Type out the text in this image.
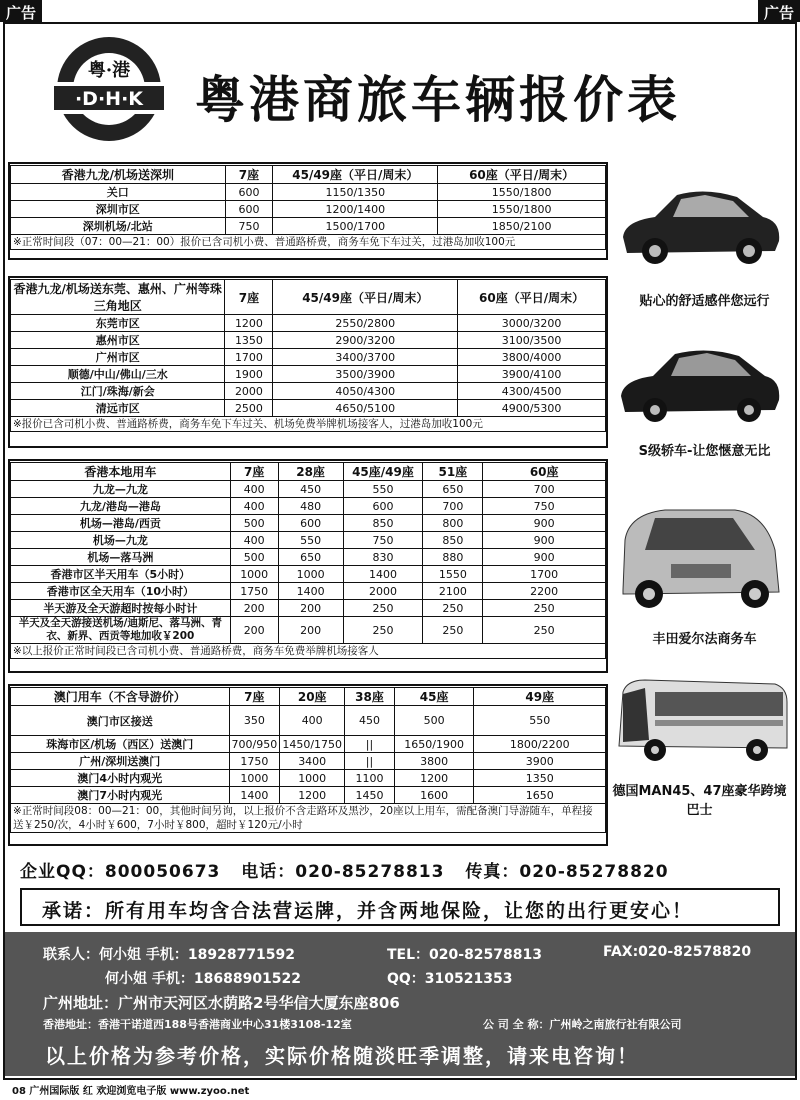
广告	广告
粤·港
·D·H·K 粤港商旅车辆报价表
香港九龙/机场送深圳	7座	45/49座（平日/周末）	60座（平日/周末）
关口	600	1150/1350	1550/1800
深圳市区	600	1200/1400	1550/1800
深圳机场/北站	750	1500/1700	1850/2100
※正常时间段（07：00—21：00）报价已含司机小费、普通路桥费，商务车免下车过关，过港岛加收100元			
香港九龙/机场送东莞、惠州、广州等珠三角地区	7座	45/49座（平日/周末）	60座（平日/周末）
东莞市区	1200	2550/2800	3000/3200
惠州市区	1350	2900/3200	3100/3500
广州市区	1700	3400/3700	3800/4000
顺德/中山/佛山/三水	1900	3500/3900	3900/4100
江门/珠海/新会	2000	4050/4300	4300/4500
清远市区	2500	4650/5100	4900/5300
※报价已含司机小费、普通路桥费，商务车免下车过关、机场免费举牌机场接客人，过港岛加收100元			
香港本地用车	7座	28座	45座/49座	51座	60座
九龙—九龙	400	450	550	650	700
九龙/港岛—港岛	400	480	600	700	750
机场—港岛/西贡	500	600	850	800	900
机场—九龙	400	550	750	850	900
机场—落马洲	500	650	830	880	900
香港市区半天用车（5小时）	1000	1000	1400	1550	1700
香港市区全天用车（10小时）	1750	1400	2000	2100	2200
半天游及全天游超时按每小时计	200	200	250	250	250
半天及全天游接送机场/迪斯尼、落马洲、青衣、新界、西贡等地加收￥200	200	200	250	250	250
※以上报价正常时间段已含司机小费、普通路桥费，商务车免费举牌机场接客人					
澳门用车（不含导游价）	7座	20座	38座	45座	49座
澳门市区接送	350	400	450	500	550
珠海市区/机场（西区）送澳门	700/950	1450/1750	||	1650/1900	1800/2200
广州/深圳送澳门	1750	3400	||	3800	3900
澳门4小时内观光	1000	1000	1100	1200	1350
澳门7小时内观光	1400	1200	1450	1600	1650
※正常时间段08：00—21：00，其他时间另询，以上报价不含走路环及黑沙，20座以上用车，需配备澳门导游随车，单程接送￥250/次，4小时￥600，7小时￥800，超时￥120元/小时					
贴心的舒适感伴您远行
S级轿车-让您惬意无比
丰田爱尔法商务车
德国MAN45、47座豪华跨境巴士
企业QQ：800050673 电话：020-85278813 传真：020-85278820
承诺：所有用车均含合法营运牌，并含两地保险，让您的出行更安心！
联系人：何小姐 手机：18928771592	TEL：020-82578813	FAX:020-82578820
何小姐 手机：18688901522	QQ：310521353
广州地址：广州市天河区水荫路2号华信大厦东座806
香港地址：香港干诺道西188号香港商业中心31楼3108-12室	公 司 全 称：广州岭之南旅行社有限公司
以上价格为参考价格，实际价格随淡旺季调整，请来电咨询！
08 广州国际版 红 欢迎浏览电子版 www.zyoo.net
